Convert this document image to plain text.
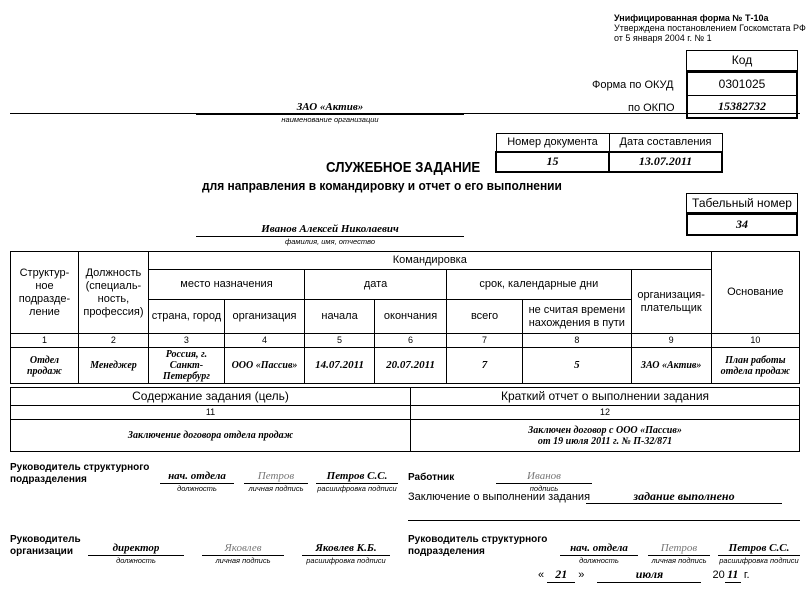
Унифицированная форма № Т-10а
Утверждена постановлением Госкомстата РФ
от 5 января 2004 г. № 1
Код
0301025
15382732
Форма по ОКУД
по ОКПО
ЗАО «Актив»
наименование организации
Номер документа	Дата составления
15	13.07.2011
СЛУЖЕБНОЕ ЗАДАНИЕ
для направления в командировку и отчет о его выполнении
Табельный номер
34
Иванов Алексей Николаевич
фамилия, имя, отчество
Структур-ное подразде-ление	Должность (специаль-ность, профессия)	Командировка							Основание
		место назначения		дата		срок, календарные дни		организация-плательщик	
		страна, город	организация	начала	окончания	всего	не считая времени нахождения в пути		
1	2	3	4	5	6	7	8	9	10
Отдел продаж	Менеджер	Россия, г. Санкт-Петербург	ООО «Пассив»	14.07.2011	20.07.2011	7	5	ЗАО «Актив»	План работы отдела продаж
Содержание задания (цель)	Краткий отчет о выполнении задания
11	12
Заключение договора отдела продаж	Заключен договор с ООО «Пассив»
от 19 июля 2011 г. № П-32/871
Руководитель структурного подразделения	нач. отдела
должность
Петров
личная подпись
Петров С.С.
расшифровка подписи
Работник	Иванов
подпись
Заключение о выполнении задания	задание выполнено
Руководитель организации	директор
должность
Яковлев
личная подпись
Яковлев К.Б.
расшифровка подписи
Руководитель структурного подразделения	нач. отдела
должность
Петров
личная подпись
Петров С.С.
расшифровка подписи
« 21 »	июля	20 11 г.
